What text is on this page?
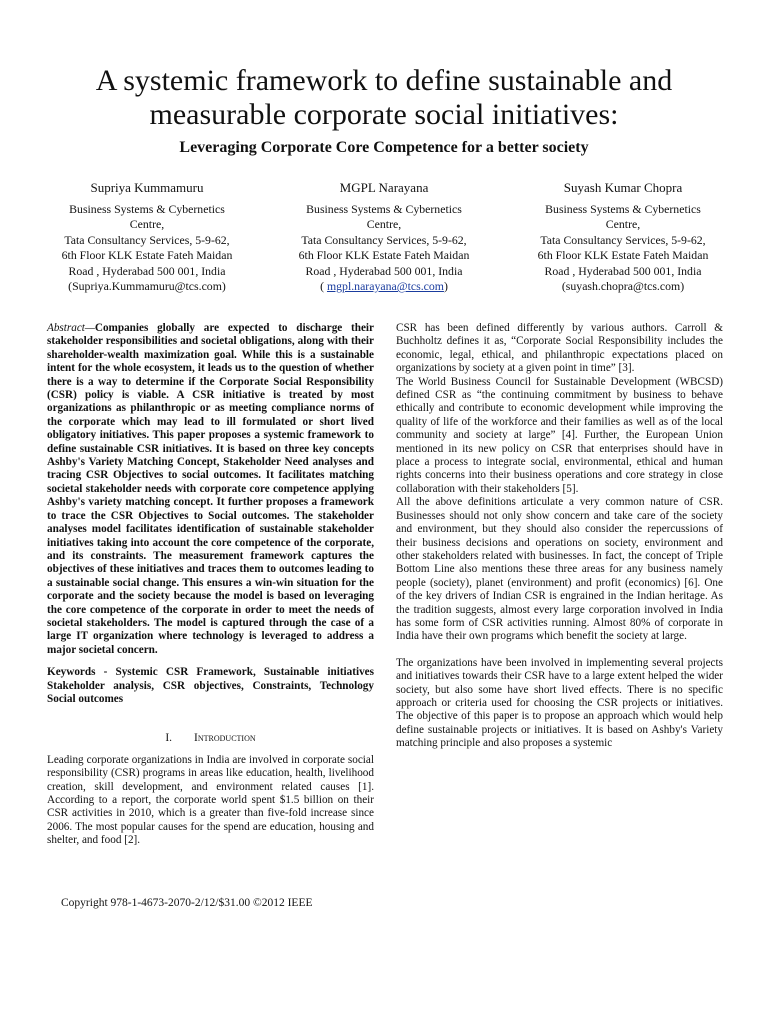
A systemic framework to define sustainable and
measurable corporate social initiatives:
Leveraging Corporate Core Competence for a better society
Supriya Kummamuru
Business Systems & Cybernetics
Centre,
Tata Consultancy Services, 5-9-62,
6th Floor KLK Estate Fateh Maidan
Road , Hyderabad 500 001, India
(Supriya.Kummamuru@tcs.com)
MGPL Narayana
Business Systems & Cybernetics
Centre,
Tata Consultancy Services, 5-9-62,
6th Floor KLK Estate Fateh Maidan
Road , Hyderabad 500 001, India
( mgpl.narayana@tcs.com)
Suyash Kumar Chopra
Business Systems & Cybernetics
Centre,
Tata Consultancy Services, 5-9-62,
6th Floor KLK Estate Fateh Maidan
Road , Hyderabad 500 001, India
(suyash.chopra@tcs.com)

Abstract—Companies globally are expected to discharge their stakeholder responsibilities and societal obligations, along with their shareholder-wealth maximization goal. While this is a sustainable intent for the whole ecosystem, it leads us to the question of whether there is a way to determine if the Corporate Social Responsibility (CSR) policy is viable. A CSR initiative is treated by most organizations as philanthropic or as meeting compliance norms of the corporate which may lead to ill formulated or short lived obligatory initiatives. This paper proposes a systemic framework to define sustainable CSR initiatives. It is based on three key concepts Ashby's Variety Matching Concept, Stakeholder Need analyses and tracing CSR Objectives to social outcomes. It facilitates matching societal stakeholder needs with corporate core competence applying Ashby's variety matching concept. It further proposes a framework to trace the CSR Objectives to Social outcomes. The stakeholder analyses model facilitates identification of sustainable stakeholder initiatives taking into account the core competence of the corporate, and its constraints. The measurement framework captures the objectives of these initiatives and traces them to outcomes leading to a sustainable social change. This ensures a win-win situation for the corporate and the society because the model is based on leveraging the core competence of the corporate in order to meet the needs of societal stakeholders. The model is captured through the case of a large IT organization where technology is leveraged to address a major societal concern.

Keywords - Systemic CSR Framework, Sustainable initiatives Stakeholder analysis, CSR objectives, Constraints, Technology Social outcomes

I. Introduction

Leading corporate organizations in India are involved in corporate social responsibility (CSR) programs in areas like education, health, livelihood creation, skill development, and environment related causes [1]. According to a report, the corporate world spent $1.5 billion on their CSR activities in 2010, which is a greater than five-fold increase since 2006. The most popular causes for the spend are education, housing and shelter, and food [2].

CSR has been defined differently by various authors. Carroll & Buchholtz defines it as, “Corporate Social Responsibility includes the economic, legal, ethical, and philanthropic expectations placed on organizations by society at a given point in time” [3].

The World Business Council for Sustainable Development (WBCSD) defined CSR as “the continuing commitment by business to behave ethically and contribute to economic development while improving the quality of life of the workforce and their families as well as of the local community and society at large” [4]. Further, the European Union mentioned in its new policy on CSR that enterprises should have in place a process to integrate social, environmental, ethical and human rights concerns into their business operations and core strategy in close collaboration with their stakeholders [5].

All the above definitions articulate a very common nature of CSR. Businesses should not only show concern and take care of the society and environment, but they should also consider the repercussions of their business decisions and operations on society, environment and other stakeholders related with businesses. In fact, the concept of Triple Bottom Line also mentions these three areas for any business namely people (society), planet (environment) and profit (economics) [6]. One of the key drivers of Indian CSR is engrained in the Indian heritage. As the tradition suggests, almost every large corporation involved in India has some form of CSR activities running. Almost 80% of corporate in India have their own programs which benefit the society at large.

The organizations have been involved in implementing several projects and initiatives towards their CSR have to a large extent helped the wider society, but also some have short lived effects. There is no specific approach or criteria used for choosing the CSR projects or initiatives. The objective of this paper is to propose an approach which would help define sustainable projects or initiatives. It is based on Ashby's Variety matching principle and also proposes a systemic

Copyright 978-1-4673-2070-2/12/$31.00 ©2012 IEEE
